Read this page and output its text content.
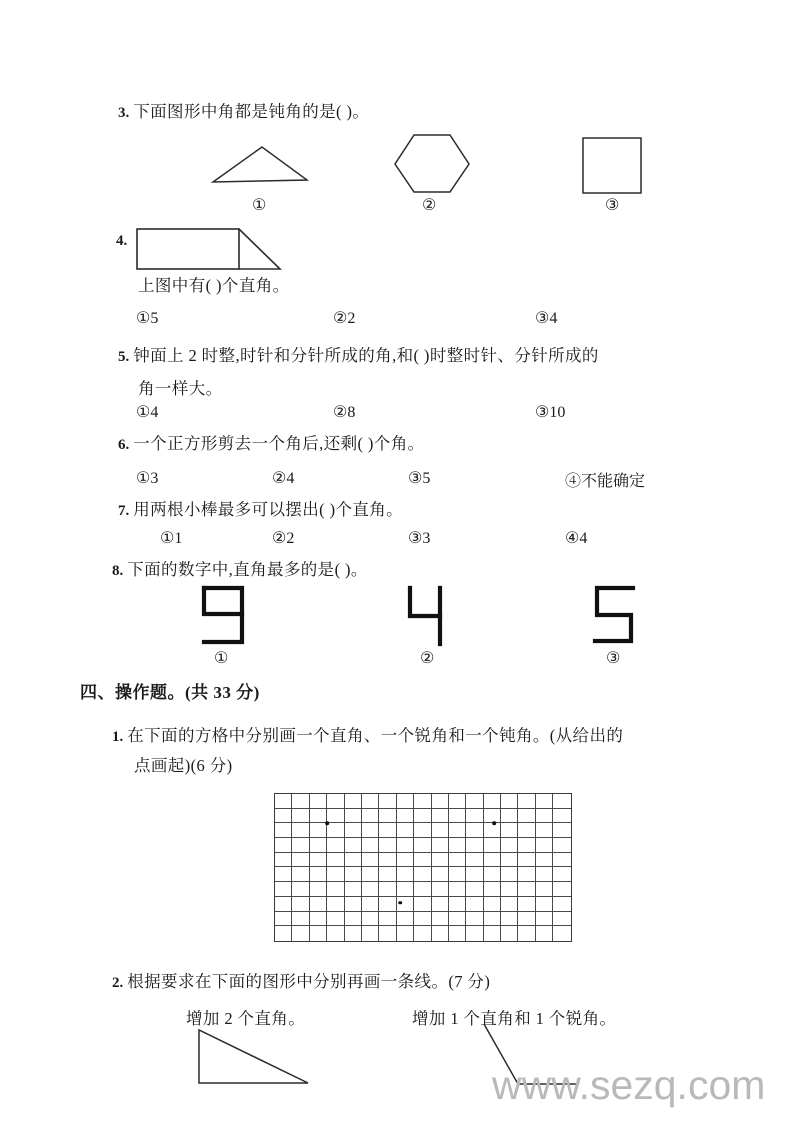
3. 下面图形中角都是钝角的是( )。
①	②	③
4.
上图中有( )个直角。
①5	②2	③4
5. 钟面上 2 时整,时针和分针所成的角,和( )时整时针、分针所成的
角一样大。
①4	②8	③10
6. 一个正方形剪去一个角后,还剩( )个角。
①3	②4	③5	④不能确定
7. 用两根小棒最多可以摆出( )个直角。
①1	②2	③3	④4
8. 下面的数字中,直角最多的是( )。
①	②	③
四、操作题。(共 33 分)
1. 在下面的方格中分别画一个直角、一个锐角和一个钝角。(从给出的
点画起)(6 分)
2. 根据要求在下面的图形中分别再画一条线。(7 分)
增加 2 个直角。	增加 1 个直角和 1 个锐角。
www.sezq.com
